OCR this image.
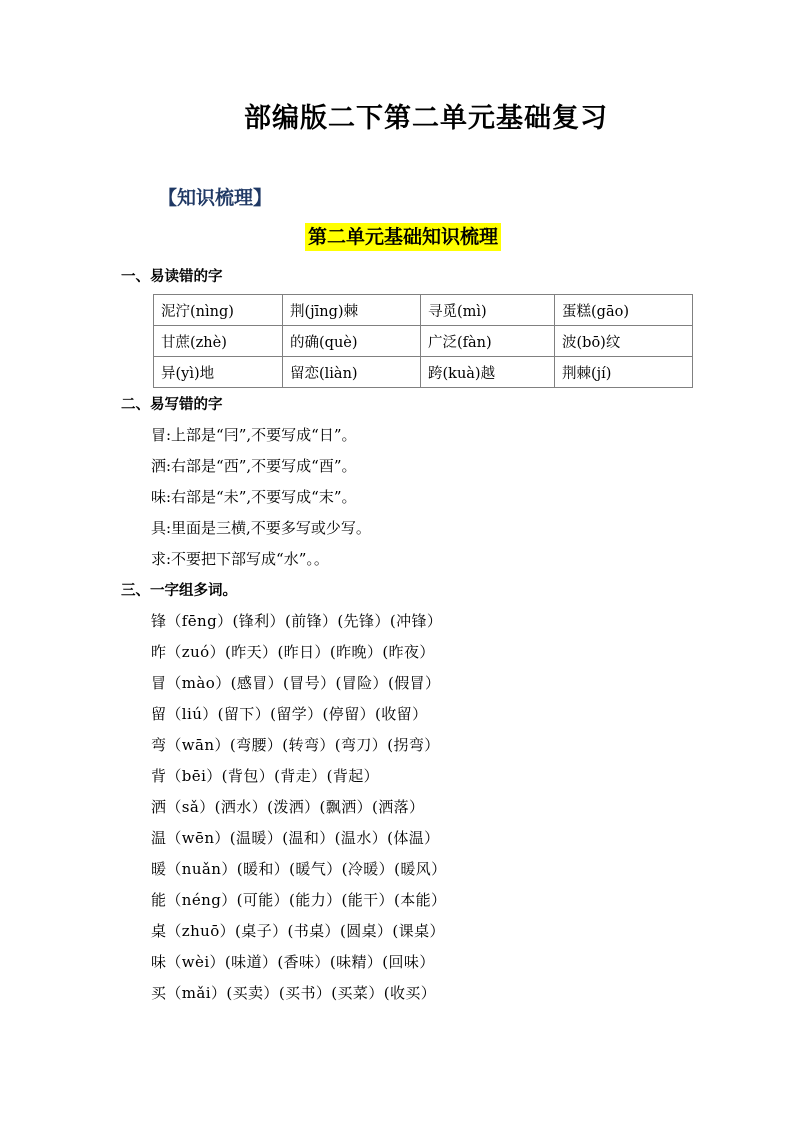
部编版二下第二单元基础复习
【知识梳理】
第二单元基础知识梳理
一、易读错的字
泥泞(nìng)	荆(jīng)棘	寻觅(mì)	蛋糕(gāo)
甘蔗(zhè)	的确(què)	广泛(fàn)	波(bō)纹
异(yì)地	留恋(liàn)	跨(kuà)越	荆棘(jí)
二、易写错的字
冒:上部是“冃”,不要写成“日”。
洒:右部是“西”,不要写成“酉”。
味:右部是“未”,不要写成“末”。
具:里面是三横,不要多写或少写。
求:不要把下部写成“水”。。
三、一字组多词。
锋（fēng）(锋利）(前锋）(先锋）(冲锋）
昨（zuó）(昨天）(昨日）(昨晚）(昨夜）
冒（mào）(感冒）(冒号）(冒险）(假冒）
留（liú）(留下）(留学）(停留）(收留）
弯（wān）(弯腰）(转弯）(弯刀）(拐弯）
背（bēi）(背包）(背走）(背起）
洒（sǎ）(洒水）(泼洒）(飘洒）(洒落）
温（wēn）(温暖）(温和）(温水）(体温）
暖（nuǎn）(暖和）(暖气）(冷暖）(暖风）
能（néng）(可能）(能力）(能干）(本能）
桌（zhuō）(桌子）(书桌）(圆桌）(课桌）
味（wèi）(味道）(香味）(味精）(回味）
买（mǎi）(买卖）(买书）(买菜）(收买）
